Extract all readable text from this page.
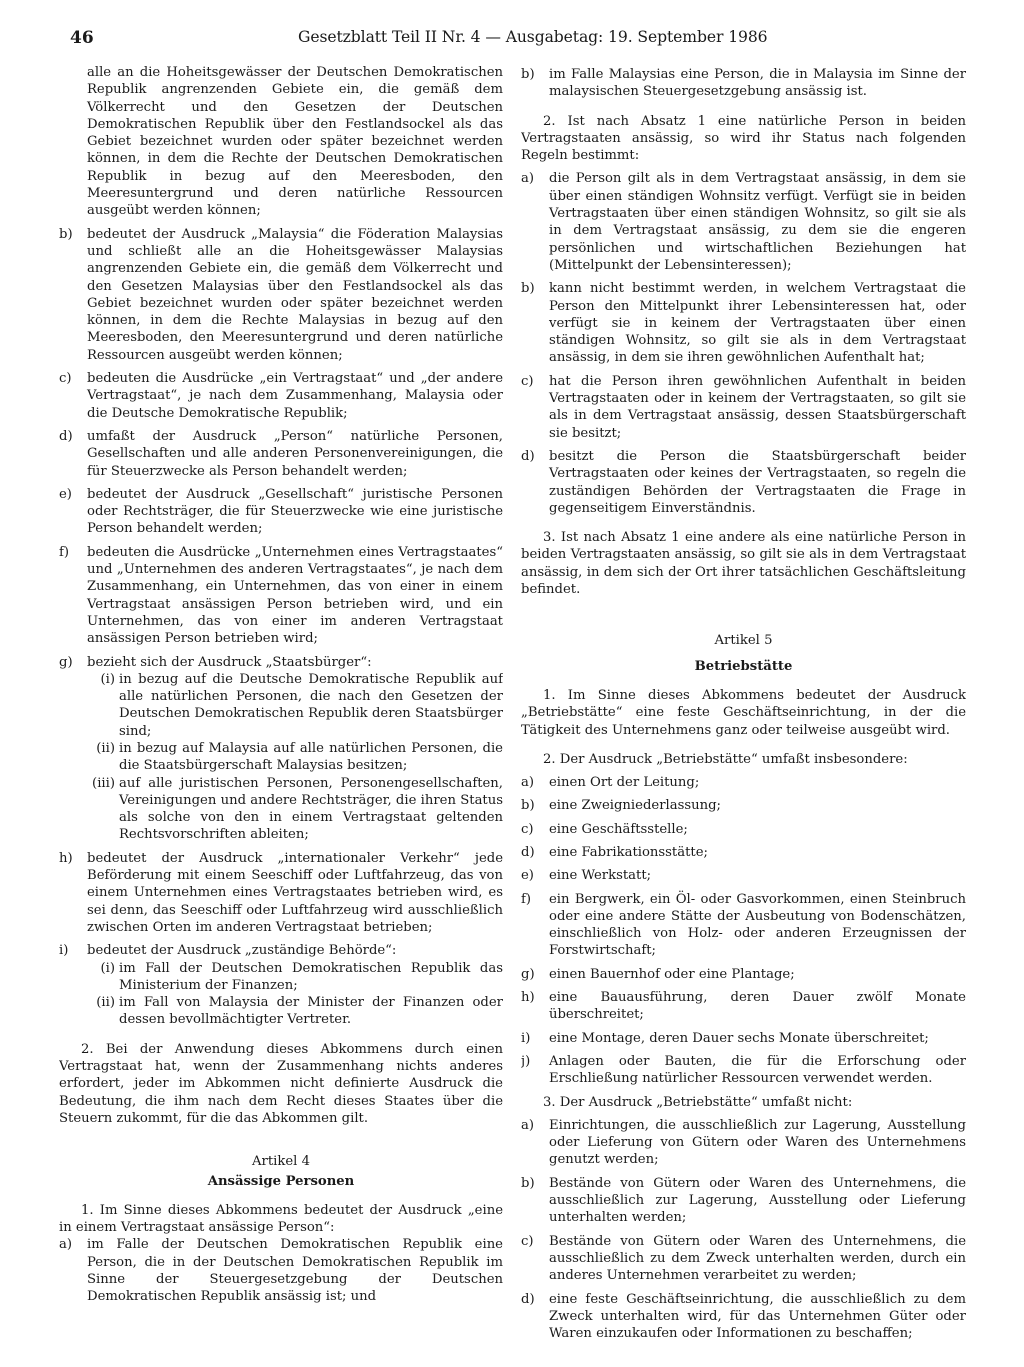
46	Gesetzblatt Teil II Nr. 4 — Ausgabetag: 19. September 1986

alle an die Hoheitsgewässer der Deutschen Demokratischen Republik angrenzenden Gebiete ein, die gemäß dem Völkerrecht und den Gesetzen der Deutschen Demokratischen Republik über den Festlandsockel als das Gebiet bezeichnet wurden oder später bezeichnet werden können, in dem die Rechte der Deutschen Demokratischen Republik in bezug auf den Meeresboden, den Meeresuntergrund und deren natürliche Ressourcen ausgeübt werden können;

b)	bedeutet der Ausdruck „Malaysia“ die Föderation Malaysias und schließt alle an die Hoheitsgewässer Malaysias angrenzenden Gebiete ein, die gemäß dem Völkerrecht und den Gesetzen Malaysias über den Festlandsockel als das Gebiet bezeichnet wurden oder später bezeichnet werden können, in dem die Rechte Malaysias in bezug auf den Meeresboden, den Meeresuntergrund und deren natürliche Ressourcen ausgeübt werden können;
c)	bedeuten die Ausdrücke „ein Vertragstaat“ und „der andere Vertragstaat“, je nach dem Zusammenhang, Malaysia oder die Deutsche Demokratische Republik;
d)	umfaßt der Ausdruck „Person“ natürliche Personen, Gesellschaften und alle anderen Personenvereinigungen, die für Steuerzwecke als Person behandelt werden;
e)	bedeutet der Ausdruck „Gesellschaft“ juristische Personen oder Rechtsträger, die für Steuerzwecke wie eine juristische Person behandelt werden;
f)	bedeuten die Ausdrücke „Unternehmen eines Vertragstaates“ und „Unternehmen des anderen Vertragstaates“, je nach dem Zusammenhang, ein Unternehmen, das von einer in einem Vertragstaat ansässigen Person betrieben wird, und ein Unternehmen, das von einer im anderen Vertragstaat ansässigen Person betrieben wird;
g)	bezieht sich der Ausdruck „Staatsbürger“:
(i) in bezug auf die Deutsche Demokratische Republik auf alle natürlichen Personen, die nach den Gesetzen der Deutschen Demokratischen Republik deren Staatsbürger sind;
(ii) in bezug auf Malaysia auf alle natürlichen Personen, die die Staatsbürgerschaft Malaysias besitzen;
(iii) auf alle juristischen Personen, Personengesellschaften, Vereinigungen und andere Rechtsträger, die ihren Status als solche von den in einem Vertragstaat geltenden Rechtsvorschriften ableiten;
h)	bedeutet der Ausdruck „internationaler Verkehr“ jede Beförderung mit einem Seeschiff oder Luftfahrzeug, das von einem Unternehmen eines Vertragstaates betrieben wird, es sei denn, das Seeschiff oder Luftfahrzeug wird ausschließlich zwischen Orten im anderen Vertragstaat betrieben;
i)	bedeutet der Ausdruck „zuständige Behörde“:
(i) im Fall der Deutschen Demokratischen Republik das Ministerium der Finanzen;
(ii) im Fall von Malaysia der Minister der Finanzen oder dessen bevollmächtigter Vertreter.

2. Bei der Anwendung dieses Abkommens durch einen Vertragstaat hat, wenn der Zusammenhang nichts anderes erfordert, jeder im Abkommen nicht definierte Ausdruck die Bedeutung, die ihm nach dem Recht dieses Staates über die Steuern zukommt, für die das Abkommen gilt.

Artikel 4

Ansässige Personen

1. Im Sinne dieses Abkommens bedeutet der Ausdruck „eine in einem Vertragstaat ansässige Person“:

a)	im Falle der Deutschen Demokratischen Republik eine Person, die in der Deutschen Demokratischen Republik im Sinne der Steuergesetzgebung der Deutschen Demokratischen Republik ansässig ist; und
b)	im Falle Malaysias eine Person, die in Malaysia im Sinne der malaysischen Steuergesetzgebung ansässig ist.

2. Ist nach Absatz 1 eine natürliche Person in beiden Vertragstaaten ansässig, so wird ihr Status nach folgenden Regeln bestimmt:

a)	die Person gilt als in dem Vertragstaat ansässig, in dem sie über einen ständigen Wohnsitz verfügt. Verfügt sie in beiden Vertragstaaten über einen ständigen Wohnsitz, so gilt sie als in dem Vertragstaat ansässig, zu dem sie die engeren persönlichen und wirtschaftlichen Beziehungen hat (Mittelpunkt der Lebensinteressen);
b)	kann nicht bestimmt werden, in welchem Vertragstaat die Person den Mittelpunkt ihrer Lebensinteressen hat, oder verfügt sie in keinem der Vertragstaaten über einen ständigen Wohnsitz, so gilt sie als in dem Vertragstaat ansässig, in dem sie ihren gewöhnlichen Aufenthalt hat;
c)	hat die Person ihren gewöhnlichen Aufenthalt in beiden Vertragstaaten oder in keinem der Vertragstaaten, so gilt sie als in dem Vertragstaat ansässig, dessen Staatsbürgerschaft sie besitzt;
d)	besitzt die Person die Staatsbürgerschaft beider Vertragstaaten oder keines der Vertragstaaten, so regeln die zuständigen Behörden der Vertragstaaten die Frage in gegenseitigem Einverständnis.

3. Ist nach Absatz 1 eine andere als eine natürliche Person in beiden Vertragstaaten ansässig, so gilt sie als in dem Vertragstaat ansässig, in dem sich der Ort ihrer tatsächlichen Geschäftsleitung befindet.

Artikel 5

Betriebstätte

1. Im Sinne dieses Abkommens bedeutet der Ausdruck „Betriebstätte“ eine feste Geschäftseinrichtung, in der die Tätigkeit des Unternehmens ganz oder teilweise ausgeübt wird.

2. Der Ausdruck „Betriebstätte“ umfaßt insbesondere:

a)	einen Ort der Leitung;
b)	eine Zweigniederlassung;
c)	eine Geschäftsstelle;
d)	eine Fabrikationsstätte;
e)	eine Werkstatt;
f)	ein Bergwerk, ein Öl- oder Gasvorkommen, einen Steinbruch oder eine andere Stätte der Ausbeutung von Bodenschätzen, einschließlich von Holz- oder anderen Erzeugnissen der Forstwirtschaft;
g)	einen Bauernhof oder eine Plantage;
h)	eine Bauausführung, deren Dauer zwölf Monate überschreitet;
i)	eine Montage, deren Dauer sechs Monate überschreitet;
j)	Anlagen oder Bauten, die für die Erforschung oder Erschließung natürlicher Ressourcen verwendet werden.

3. Der Ausdruck „Betriebstätte“ umfaßt nicht:

a)	Einrichtungen, die ausschließlich zur Lagerung, Ausstellung oder Lieferung von Gütern oder Waren des Unternehmens genutzt werden;
b)	Bestände von Gütern oder Waren des Unternehmens, die ausschließlich zur Lagerung, Ausstellung oder Lieferung unterhalten werden;
c)	Bestände von Gütern oder Waren des Unternehmens, die ausschließlich zu dem Zweck unterhalten werden, durch ein anderes Unternehmen verarbeitet zu werden;
d)	eine feste Geschäftseinrichtung, die ausschließlich zu dem Zweck unterhalten wird, für das Unternehmen Güter oder Waren einzukaufen oder Informationen zu beschaffen;
